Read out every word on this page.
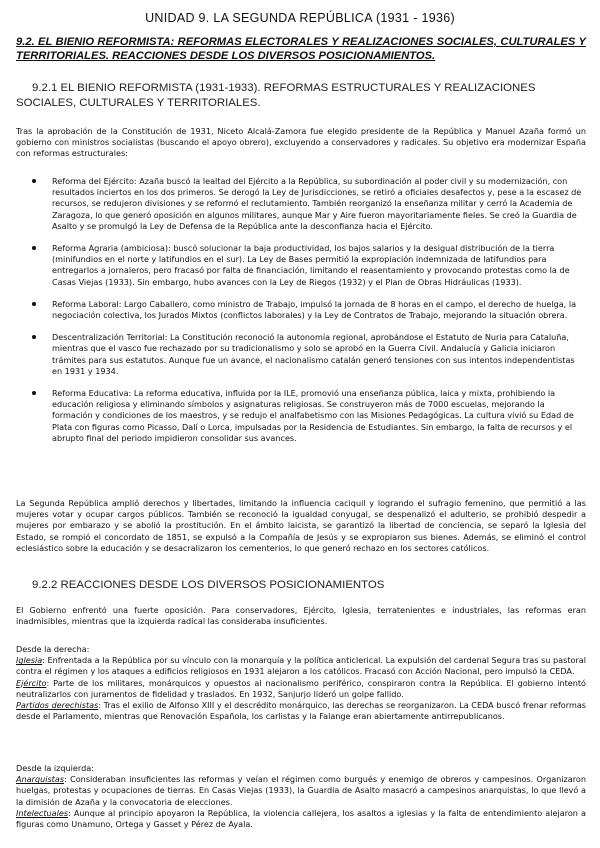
UNIDAD 9. LA SEGUNDA REPÚBLICA (1931 - 1936)
9.2. EL BIENIO REFORMISTA: REFORMAS ELECTORALES Y REALIZACIONES SOCIALES, CULTURALES Y TERRITORIALES. REACCIONES DESDE LOS DIVERSOS POSICIONAMIENTOS.
9.2.1 EL BIENIO REFORMISTA (1931-1933). REFORMAS ESTRUCTURALES Y REALIZACIONES SOCIALES, CULTURALES Y TERRITORIALES.
Tras la aprobación de la Constitución de 1931, Niceto Alcalá-Zamora fue elegido presidente de la República y Manuel Azaña formó un gobierno con ministros socialistas (buscando el apoyo obrero), excluyendo a conservadores y radicales. Su objetivo era modernizar España con reformas estructurales:
Reforma del Ejército: Azaña buscó la lealtad del Ejército a la República, su subordinación al poder civil y su modernización, con resultados inciertos en los dos primeros. Se derogó la Ley de Jurisdicciones, se retiró a oficiales desafectos y, pese a la escasez de recursos, se redujeron divisiones y se reformó el reclutamiento. También reorganizó la enseñanza militar y cerró la Academia de Zaragoza, lo que generó oposición en algunos militares, aunque Mar y Aire fueron mayoritariamente fieles. Se creó la Guardia de Asalto y se promulgó la Ley de Defensa de la República ante la desconfianza hacia el Ejército.
Reforma Agraria (ambiciosa): buscó solucionar la baja productividad, los bajos salarios y la desigual distribución de la tierra (minifundios en el norte y latifundios en el sur). La Ley de Bases permitió la expropiación indemnizada de latifundios para entregarlos a jornaleros, pero fracasó por falta de financiación, limitando el reasentamiento y provocando protestas como la de Casas Viejas (1933). Sin embargo, hubo avances con la Ley de Riegos (1932) y el Plan de Obras Hidráulicas (1933).
Reforma Laboral: Largo Caballero, como ministro de Trabajo, impulsó la jornada de 8 horas en el campo, el derecho de huelga, la negociación colectiva, los Jurados Mixtos (conflictos laborales) y la Ley de Contratos de Trabajo, mejorando la situación obrera.
Descentralización Territorial: La Constitución reconoció la autonomía regional, aprobándose el Estatuto de Nuria para Cataluña, mientras que el vasco fue rechazado por su tradicionalismo y solo se aprobó en la Guerra Civil. Andalucía y Galicia iniciaron trámites para sus estatutos. Aunque fue un avance, el nacionalismo catalán generó tensiones con sus intentos independentistas en 1931 y 1934.
Reforma Educativa: La reforma educativa, influida por la ILE, promovió una enseñanza pública, laica y mixta, prohibiendo la educación religiosa y eliminando símbolos y asignaturas religiosas. Se construyeron más de 7000 escuelas, mejorando la formación y condiciones de los maestros, y se redujo el analfabetismo con las Misiones Pedagógicas. La cultura vivió su Edad de Plata con figuras como Picasso, Dalí o Lorca, impulsadas por la Residencia de Estudiantes. Sin embargo, la falta de recursos y el abrupto final del periodo impidieron consolidar sus avances.
La Segunda República amplió derechos y libertades, limitando la influencia caciquil y logrando el sufragio femenino, que permitió a las mujeres votar y ocupar cargos públicos. También se reconoció la igualdad conyugal, se despenalizó el adulterio, se prohibió despedir a mujeres por embarazo y se abolió la prostitución. En el ámbito laicista, se garantizó la libertad de conciencia, se separó la Iglesia del Estado, se rompió el concordato de 1851, se expulsó a la Compañía de Jesús y se expropiaron sus bienes. Además, se eliminó el control eclesiástico sobre la educación y se desacralizaron los cementerios, lo que generó rechazo en los sectores católicos.
9.2.2 REACCIONES DESDE LOS DIVERSOS POSICIONAMIENTOS
El Gobierno enfrentó una fuerte oposición. Para conservadores, Ejército, Iglesia, terratenientes e industriales, las reformas eran inadmisibles, mientras que la izquierda radical las consideraba insuficientes.
Desde la derecha:
Iglesia: Enfrentada a la República por su vínculo con la monarquía y la política anticlerical. La expulsión del cardenal Segura tras su pastoral contra el régimen y los ataques a edificios religiosos en 1931 alejaron a los católicos. Fracasó con Acción Nacional, pero impulsó la CEDA.
Ejército: Parte de los militares, monárquicos y opuestos al nacionalismo periférico, conspiraron contra la República. El gobierno intentó neutralizarlos con juramentos de fidelidad y traslados. En 1932, Sanjurjo lideró un golpe fallido.
Partidos derechistas: Tras el exilio de Alfonso XIII y el descrédito monárquico, las derechas se reorganizaron. La CEDA buscó frenar reformas desde el Parlamento, mientras que Renovación Española, los carlistas y la Falange eran abiertamente antirrepublicanos.
Desde la izquierda:
Anarquistas: Consideraban insuficientes las reformas y veían el régimen como burgués y enemigo de obreros y campesinos. Organizaron huelgas, protestas y ocupaciones de tierras. En Casas Viejas (1933), la Guardia de Asalto masacró a campesinos anarquistas, lo que llevó a la dimisión de Azaña y la convocatoria de elecciones.
Intelectuales: Aunque al principio apoyaron la República, la violencia callejera, los asaltos a iglesias y la falta de entendimiento alejaron a figuras como Unamuno, Ortega y Gasset y Pérez de Ayala.
